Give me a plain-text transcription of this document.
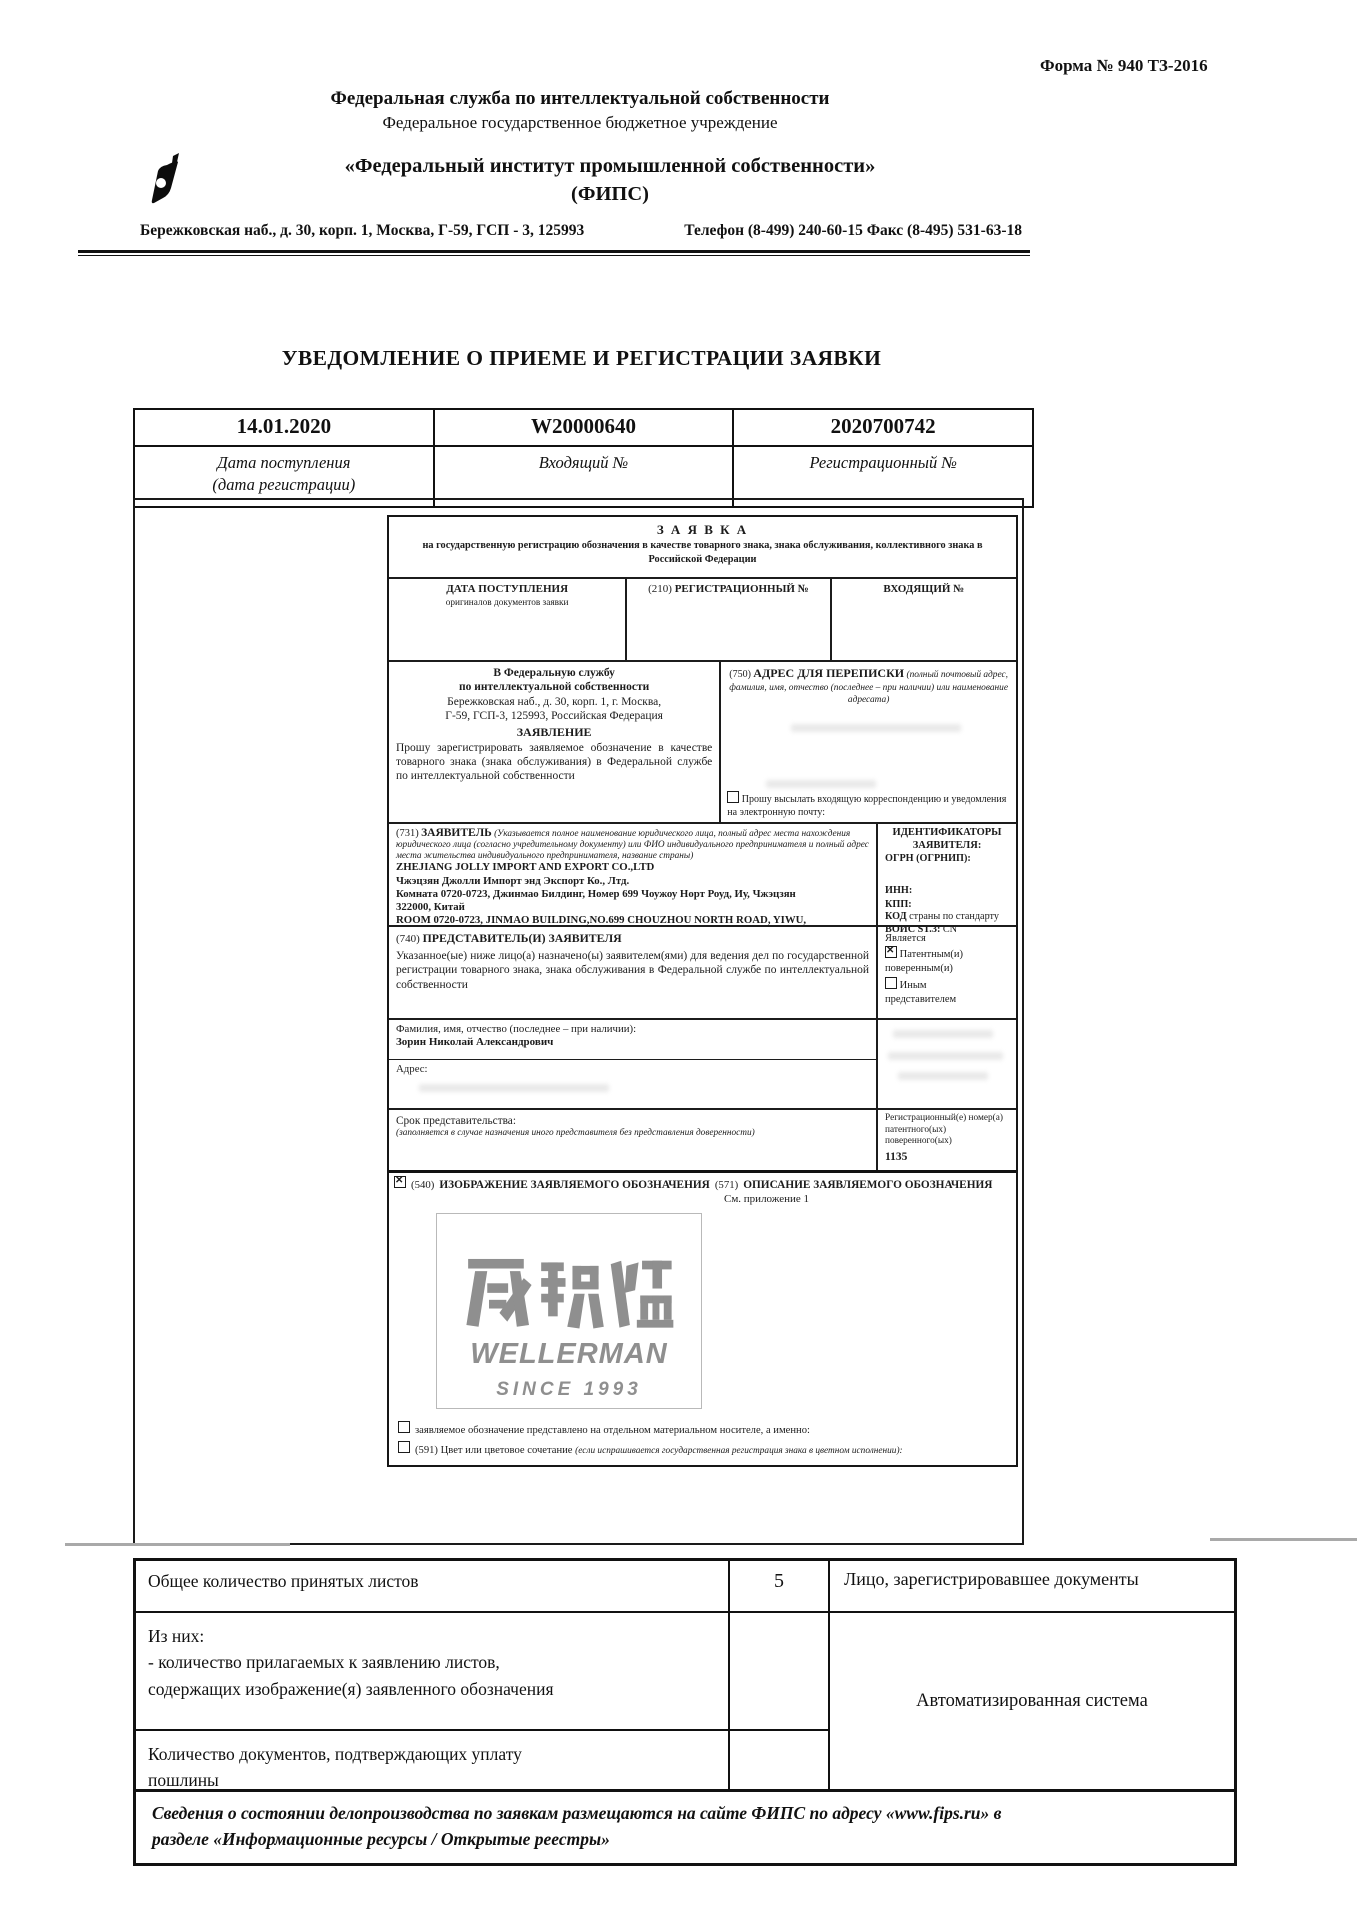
Форма № 940 ТЗ-2016
Федеральная служба по интеллектуальной собственности
Федеральное государственное бюджетное учреждение
«Федеральный институт промышленной собственности»
(ФИПС)
Бережковская наб., д. 30, корп. 1, Москва, Г-59, ГСП - 3, 125993	Телефон (8-499) 240-60-15 Факс (8-495) 531-63-18
УВЕДОМЛЕНИЕ О ПРИЕМЕ И РЕГИСТРАЦИИ ЗАЯВКИ
14.01.2020	W20000640	2020700742
Дата поступления
(дата регистрации)
Входящий №	Регистрационный №
З А Я В К А
на государственную регистрацию обозначения в качестве товарного знака, знака обслуживания, коллективного знака в Российской Федерации
ДАТА ПОСТУПЛЕНИЯ
оригиналов документов заявки
(210) РЕГИСТРАЦИОННЫЙ №	ВХОДЯЩИЙ №
В Федеральную службу
по интеллектуальной собственности
Бережковская наб., д. 30, корп. 1, г. Москва,
Г-59, ГСП-3, 125993, Российская Федерация
ЗАЯВЛЕНИЕ
Прошу зарегистрировать заявляемое обозначение в качестве товарного знака (знака обслуживания) в Федеральной службе по интеллектуальной собственности
(750) АДРЕС ДЛЯ ПЕРЕПИСКИ (полный почтовый адрес, фамилия, имя, отчество (последнее – при наличии) или наименование адресата)
Прошу высылать входящую корреспонденцию и уведомления на электронную почту:
(731) ЗАЯВИТЕЛЬ (Указывается полное наименование юридического лица, полный адрес места нахождения юридического лица (согласно учредительному документу) или ФИО индивидуального предпринимателя и полный адрес места жительства индивидуального предпринимателя, название страны)
ZHEJIANG JOLLY IMPORT AND EXPORT CO.,LTD
Чжэцзян Джолли Импорт энд Экспорт Ко., Лтд.
Комната 0720-0723, Джинмао Билдинг, Номер 699 Чоужоу Норт Роуд, Иу, Чжэцзян
322000, Китай
ROOM 0720-0723, JINMAO BUILDING,NO.699 CHOUZHOU NORTH ROAD, YIWU,
ИДЕНТИФИКАТОРЫ
ЗАЯВИТЕЛЯ:
ОГРН (ОГРНИП):
ИНН:
КПП:
КОД страны по стандарту ВОИС ST.3: CN
(740) ПРЕДСТАВИТЕЛЬ(И) ЗАЯВИТЕЛЯ
Указанное(ые) ниже лицо(а) назначено(ы) заявителем(ями) для ведения дел по государственной регистрации товарного знака, знака обслуживания в Федеральной службе по интеллектуальной собственности
Является
✕ Патентным(и)
поверенным(и)
Иным
представителем
Фамилия, имя, отчество (последнее – при наличии):
Зорин Николай Александрович
Адрес:
Срок представительства:
(заполняется в случае назначения иного представителя без представления доверенности)
Регистрационный(е) номер(а)
патентного(ых)
поверенного(ых)
1135
✕
(540) ИЗОБРАЖЕНИЕ ЗАЯВЛЯЕМОГО ОБОЗНАЧЕНИЯ (571) ОПИСАНИЕ ЗАЯВЛЯЕМОГО ОБОЗНАЧЕНИЯ
См. приложение 1
WELLERMAN
SINCE 1993
заявляемое обозначение представлено на отдельном материальном носителе, а именно:
(591) Цвет или цветовое сочетание (если испрашивается государственная регистрация знака в цветном исполнении):
Общее количество принятых листов	5	Лицо, зарегистрировавшее документы
Из них:
- количество прилагаемых к заявлению листов,
содержащих изображение(я) заявленного обозначения
Количество документов, подтверждающих уплату
пошлины
Автоматизированная система
Сведения о состоянии делопроизводства по заявкам размещаются на сайте ФИПС по адресу «www.fips.ru» в
разделе «Информационные ресурсы / Открытые реестры»
